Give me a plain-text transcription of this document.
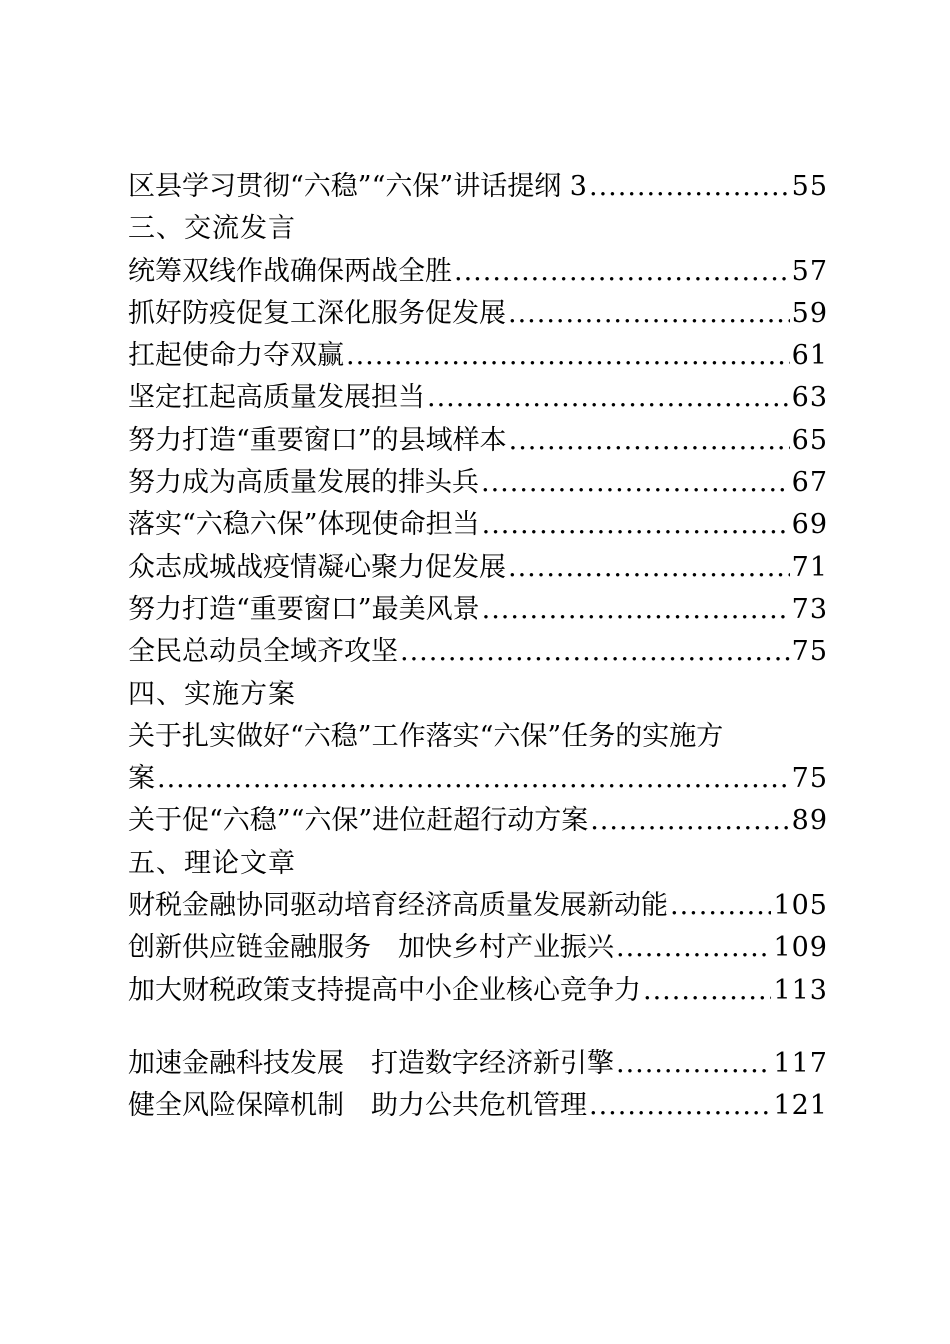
区县学习贯彻“六稳”“六保”讲话提纲 3 .....	55
三、交流发言
统筹双线作战确保两战全胜 .....	57
抓好防疫促复工深化服务促发展 .....	59
扛起使命力夺双赢 .....	61
坚定扛起高质量发展担当 .....	63
努力打造“重要窗口”的县域样本 .....	65
努力成为高质量发展的排头兵 .....	67
落实“六稳六保”体现使命担当 .....	69
众志成城战疫情凝心聚力促发展 .....	71
努力打造“重要窗口”最美风景 .....	73
全民总动员全域齐攻坚 .....	75
四、实施方案
关于扎实做好“六稳”工作落实“六保”任务的实施方
案 .....	75
关于促“六稳”“六保”进位赶超行动方案 .....	89
五、理论文章
财税金融协同驱动培育经济高质量发展新动能 .....	105
创新供应链金融服务　加快乡村产业振兴 .....	109
加大财税政策支持提高中小企业核心竞争力 .....	113
加速金融科技发展　打造数字经济新引擎 .....	117
健全风险保障机制　助力公共危机管理 .....	121
